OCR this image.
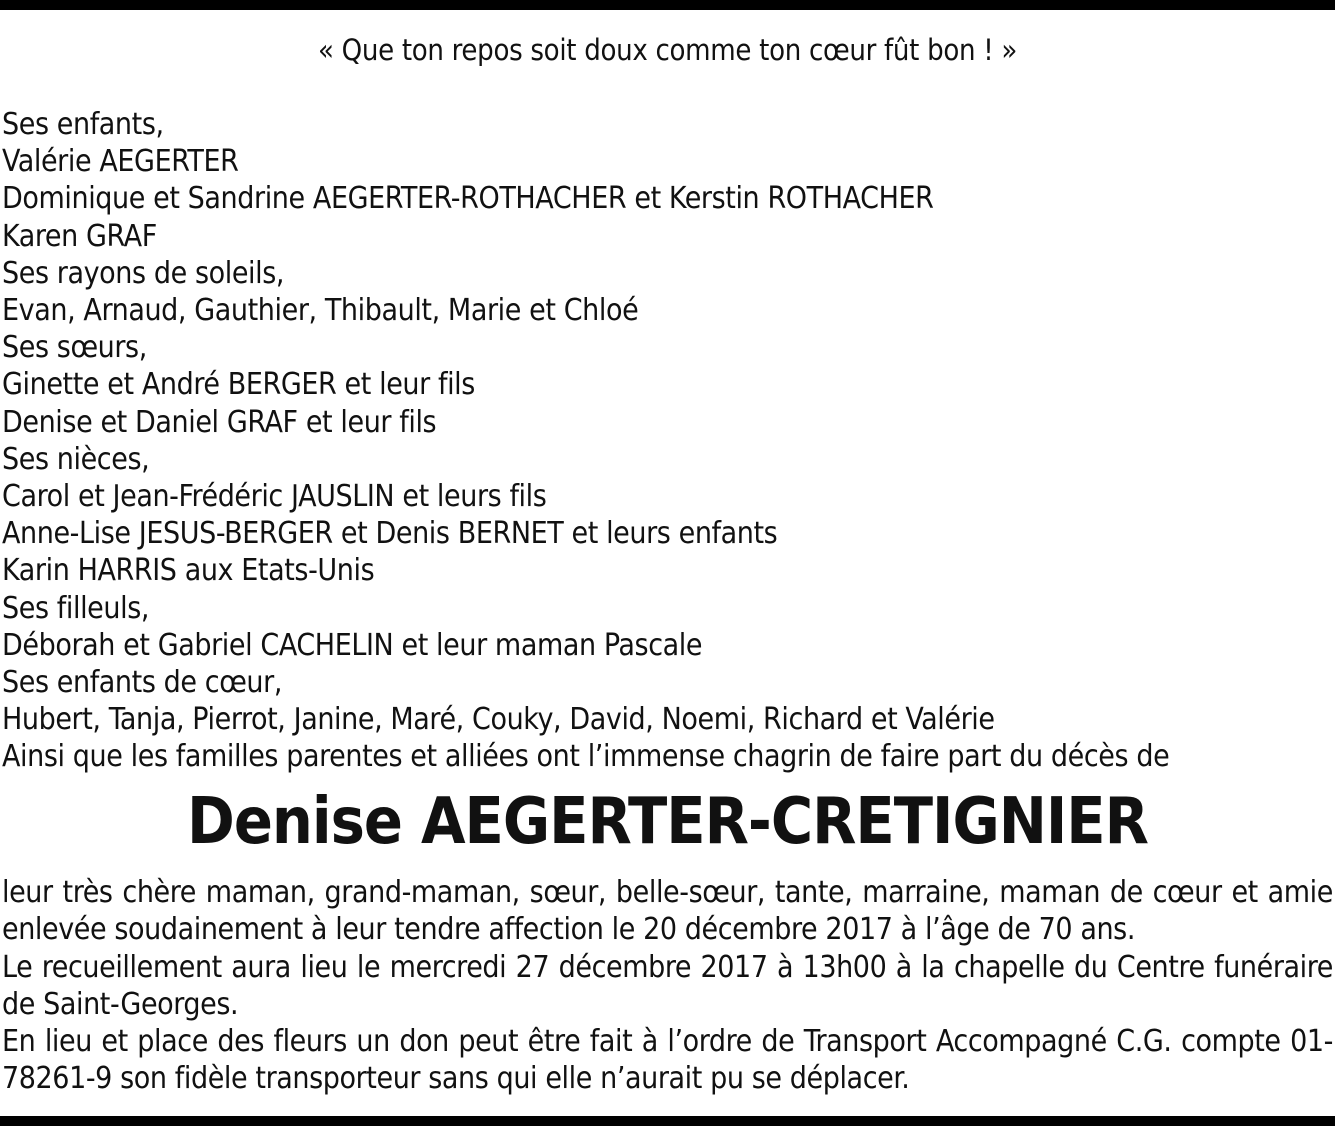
« Que ton repos soit doux comme ton cœur fût bon ! »
Ses enfants,
Valérie AEGERTER
Dominique et Sandrine AEGERTER-ROTHACHER et Kerstin ROTHACHER
Karen GRAF
Ses rayons de soleils,
Evan, Arnaud, Gauthier, Thibault, Marie et Chloé
Ses sœurs,
Ginette et André BERGER et leur fils
Denise et Daniel GRAF et leur fils
Ses nièces,
Carol et Jean-Frédéric JAUSLIN et leurs fils
Anne-Lise JESUS-BERGER et Denis BERNET et leurs enfants
Karin HARRIS aux Etats-Unis
Ses filleuls,
Déborah et Gabriel CACHELIN et leur maman Pascale
Ses enfants de cœur,
Hubert, Tanja, Pierrot, Janine, Maré, Couky, David, Noemi, Richard et Valérie
Ainsi que les familles parentes et alliées ont l’immense chagrin de faire part du décès de
Denise AEGERTER-CRETIGNIER

leur très chère maman, grand-maman, sœur, belle-sœur, tante, marraine, maman de cœur et amie enlevée soudainement à leur tendre affection le 20 décembre 2017 à l’âge de 70 ans.

Le recueillement aura lieu le mercredi 27 décembre 2017 à 13h00 à la chapelle du Centre funéraire de Saint-Georges.

En lieu et place des fleurs un don peut être fait à l’ordre de Transport Accompagné C.G. compte 01-78261-9 son fidèle transporteur sans qui elle n’aurait pu se déplacer.
